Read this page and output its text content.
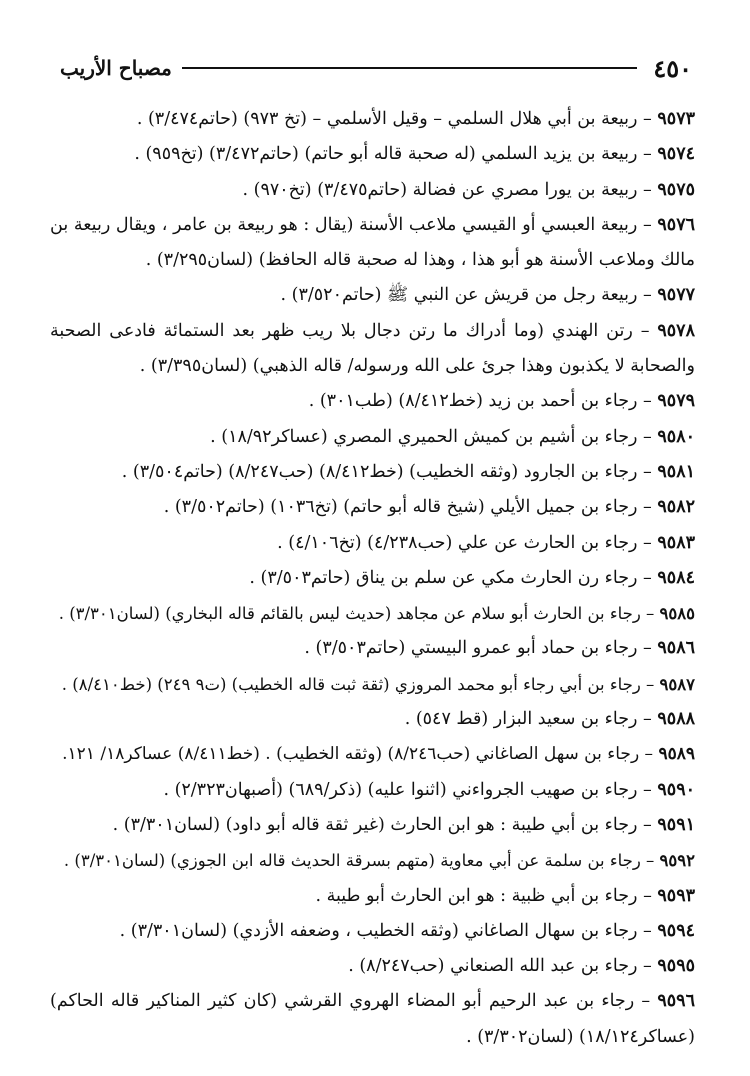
٤٥٠
مصباح الأريب
٩٥٧٣ – ربيعة بن أبي هلال السلمي – وقيل الأسلمي – (تخ ٩٧٣) (حاتم٣/٤٧٤) .
٩٥٧٤ – ربيعة بن يزيد السلمي (له صحبة قاله أبو حاتم) (حاتم٣/٤٧٢) (تخ٩٥٩) .
٩٥٧٥ – ربيعة بن يورا مصري عن فضالة (حاتم٣/٤٧٥) (تخ٩٧٠) .
٩٥٧٦ – ربيعة العبسي أو القيسي ملاعب الأسنة (يقال : هو ربيعة بن عامر ، ويقال ربيعة بن مالك وملاعب الأسنة هو أبو هذا ، وهذا له صحبة قاله الحافظ) (لسان٣/٢٩٥) .
٩٥٧٧ – ربيعة رجل من قريش عن النبي ﷺ (حاتم٣/٥٢٠) .
٩٥٧٨ – رتن الهندي (وما أدراك ما رتن دجال بلا ريب ظهر بعد الستمائة فادعى الصحبة والصحابة لا يكذبون وهذا جرئ على الله ورسوله/ قاله الذهبي) (لسان٣/٣٩٥) .
٩٥٧٩ – رجاء بن أحمد بن زيد (خط٨/٤١٢) (طب٣٠١) .
٩٥٨٠ – رجاء بن أشيم بن كميش الحميري المصري (عساكر١٨/٩٢) .
٩٥٨١ – رجاء بن الجارود (وثقه الخطيب) (خط٨/٤١٢) (حب٨/٢٤٧) (حاتم٣/٥٠٤) .
٩٥٨٢ – رجاء بن جميل الأيلي (شيخ قاله أبو حاتم) (تخ١٠٣٦) (حاتم٣/٥٠٢) .
٩٥٨٣ – رجاء بن الحارث عن علي (حب٤/٢٣٨) (تخ٤/١٠٦) .
٩٥٨٤ – رجاء رن الحارث مكي عن سلم بن يناق (حاتم٣/٥٠٣) .
٩٥٨٥ – رجاء بن الحارث أبو سلام عن مجاهد (حديث ليس بالقائم قاله البخاري) (لسان٣/٣٠١) .
٩٥٨٦ – رجاء بن حماد أبو عمرو البيستي (حاتم٣/٥٠٣) .
٩٥٨٧ – رجاء بن أبي رجاء أبو محمد المروزي (ثقة ثبت قاله الخطيب) (ت٩ ٢٤٩) (خط٨/٤١٠) .
٩٥٨٨ – رجاء بن سعيد البزار (قط ٥٤٧) .
٩٥٨٩ – رجاء بن سهل الصاغاني (حب٨/٢٤٦) (وثقه الخطيب) . (خط٨/٤١١) عساكر١٨/ ١٢١.
٩٥٩٠ – رجاء بن صهيب الجرواءني (اثنوا عليه) (ذكر/٦٨٩) (أصبهان٢/٣٢٣) .
٩٥٩١ – رجاء بن أبي طيبة : هو ابن الحارث (غير ثقة قاله أبو داود) (لسان٣/٣٠١) .
٩٥٩٢ – رجاء بن سلمة عن أبي معاوية (متهم بسرقة الحديث قاله ابن الجوزي) (لسان٣/٣٠١) .
٩٥٩٣ – رجاء بن أبي ظبية : هو ابن الحارث أبو طيبة .
٩٥٩٤ – رجاء بن سهال الصاغاني (وثقه الخطيب ، وضعفه الأزدي) (لسان٣/٣٠١) .
٩٥٩٥ – رجاء بن عبد الله الصنعاني (حب٨/٢٤٧) .
٩٥٩٦ – رجاء بن عبد الرحيم أبو المضاء الهروي القرشي (كان كثير المناكير قاله الحاكم) (عساكر١٨/١٢٤) (لسان٣/٣٠٢) .
